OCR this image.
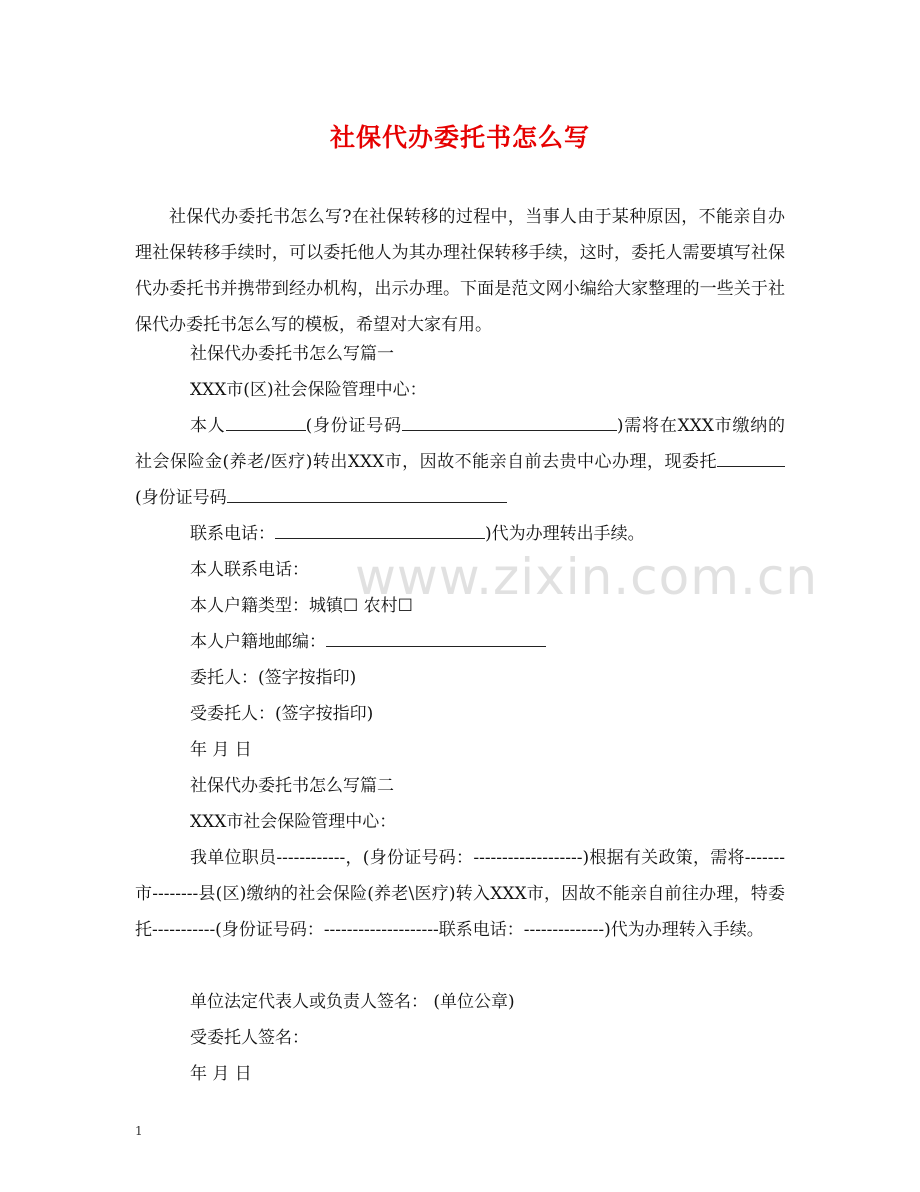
社保代办委托书怎么写

社保代办委托书怎么写?在社保转移的过程中，当事人由于某种原因，不能亲自办理社保转移手续时，可以委托他人为其办理社保转移手续，这时，委托人需要填写社保代办委托书并携带到经办机构，出示办理。下面是范文网小编给大家整理的一些关于社保代办委托书怎么写的模板，希望对大家有用。

社保代办委托书怎么写篇一

XXX市(区)社会保险管理中心：

本人	(身份证号码	)需将在XXX市缴纳的社会保险金(养老/医疗)转出XXX市，因故不能亲自前去贵中心办理，现委托(身份证号码

联系电话：	)代为办理转出手续。

本人联系电话：

本人户籍类型：城镇☐ 农村☐

本人户籍地邮编：

委托人：(签字按指印)

受委托人：(签字按指印)

年 月 日

社保代办委托书怎么写篇二

XXX市社会保险管理中心：

我单位职员------------，(身份证号码：-------------------)根据有关政策，需将-------市--------县(区)缴纳的社会保险(养老\医疗)转入XXX市，因故不能亲自前往办理，特委托-----------(身份证号码：--------------------联系电话：--------------)代为办理转入手续。

单位法定代表人或负责人签名： (单位公章)

受委托人签名：

年 月 日

www.zixin.com.cn
1
